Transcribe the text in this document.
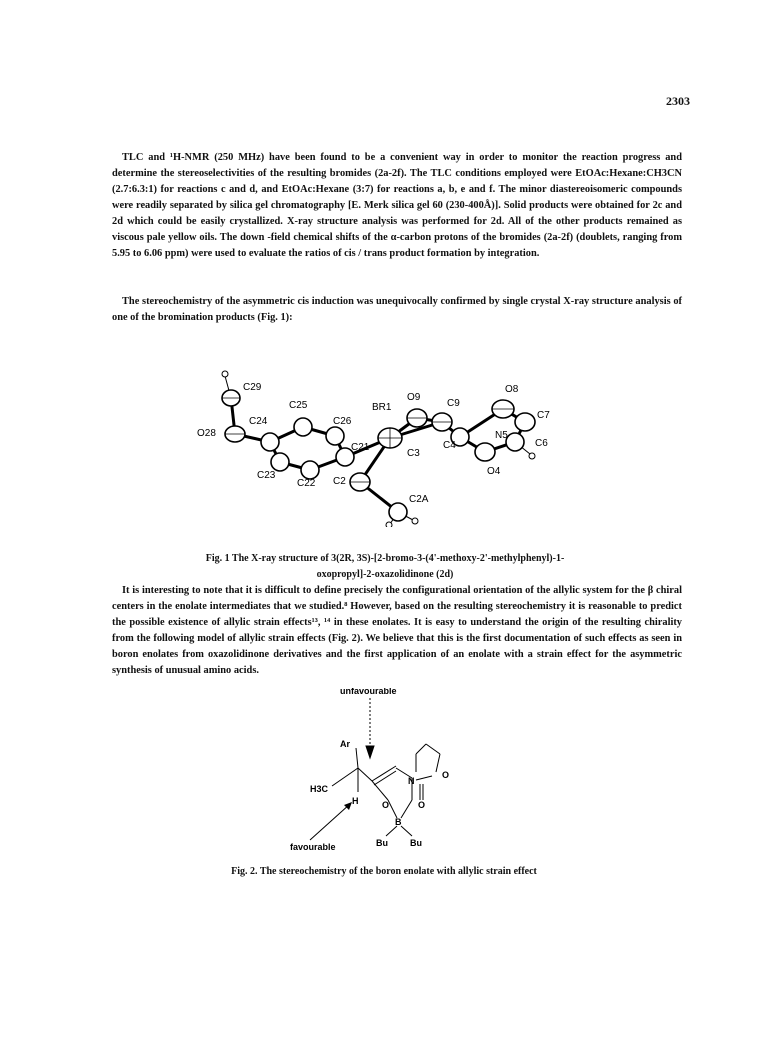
2303
TLC and ¹H-NMR (250 MHz) have been found to be a convenient way in order to monitor the reaction progress and determine the stereoselectivities of the resulting bromides (2a-2f). The TLC conditions employed were EtOAc:Hexane:CH3CN (2.7:6.3:1) for reactions c and d, and EtOAc:Hexane (3:7) for reactions a, b, e and f. The minor diastereoisomeric compounds were readily separated by silica gel chromatography [E. Merk silica gel 60 (230-400Å)]. Solid products were obtained for 2c and 2d which could be easily crystallized. X-ray structure analysis was performed for 2d. All of the other products remained as viscous pale yellow oils. The down -field chemical shifts of the α-carbon protons of the bromides (2a-2f) (doublets, ranging from 5.95 to 6.06 ppm) were used to evaluate the ratios of cis / trans product formation by integration.
The stereochemistry of the asymmetric cis induction was unequivocally confirmed by single crystal X-ray structure analysis of one of the bromination products (Fig. 1):
C29
O28
C24
C25
C26
BR1
O9
C9
O8
C7
C6
N5
C4
O4
C3
C21
C2
C2A
C22
C23
Fig. 1 The X-ray structure of 3(2R, 3S)-[2-bromo-3-(4'-methoxy-2'-methylphenyl)-1-oxopropyl]-2-oxazolidinone (2d)
It is interesting to note that it is difficult to define precisely the configurational orientation of the allylic system for the β chiral centers in the enolate intermediates that we studied.⁸ However, based on the resulting stereochemistry it is reasonable to predict the possible existence of allylic strain effects¹³, ¹⁴ in these enolates. It is easy to understand the origin of the resulting chirality from the following model of allylic strain effects (Fig. 2). We believe that this is the first documentation of such effects as seen in boron enolates from oxazolidinone derivatives and the first application of an enolate with a strain effect for the asymmetric synthesis of unusual amino acids.
unfavourable
Ar
H3C
H
N
O
O	O
B
Bu Bu
favourable
Fig. 2. The stereochemistry of the boron enolate with allylic strain effect
